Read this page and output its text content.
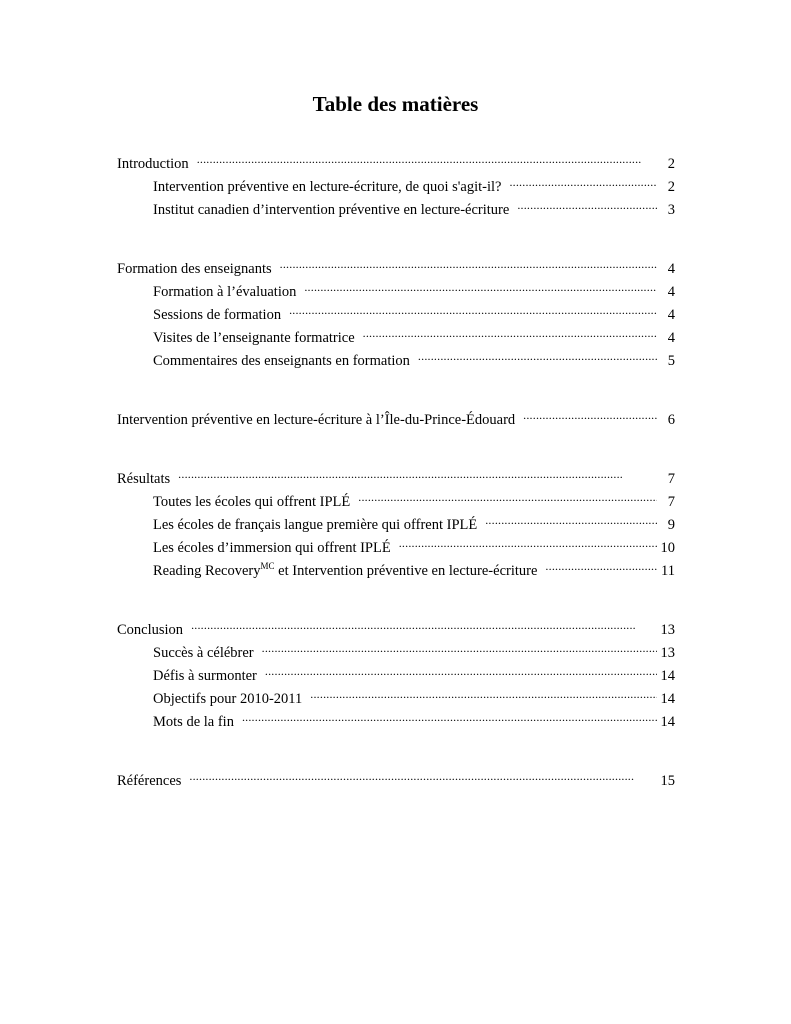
Table des matières
Introduction . . .	2
Intervention préventive en lecture-écriture, de quoi s'agit-il? . . .	2
Institut canadien d’intervention préventive en lecture-écriture . . .	3
Formation des enseignants . . .	4
Formation à l’évaluation . . .	4
Sessions de formation . . .	4
Visites de l’enseignante formatrice . . .	4
Commentaires des enseignants en formation . . .	5
Intervention préventive en lecture-écriture à l’Île-du-Prince-Édouard . . .	6
Résultats . . .	7
Toutes les écoles qui offrent IPLÉ . . .	7
Les écoles de français langue première qui offrent IPLÉ . . .	9
Les écoles d’immersion qui offrent IPLÉ . . .	10
Reading Recovery$^{MC}$ et Intervention préventive en lecture-écriture . . .	11
Conclusion . . .	13
Succès à célébrer . . .	13
Défis à surmonter . . .	14
Objectifs pour 2010-2011 . . .	14
Mots de la fin . . .	14
Références . . .	15
